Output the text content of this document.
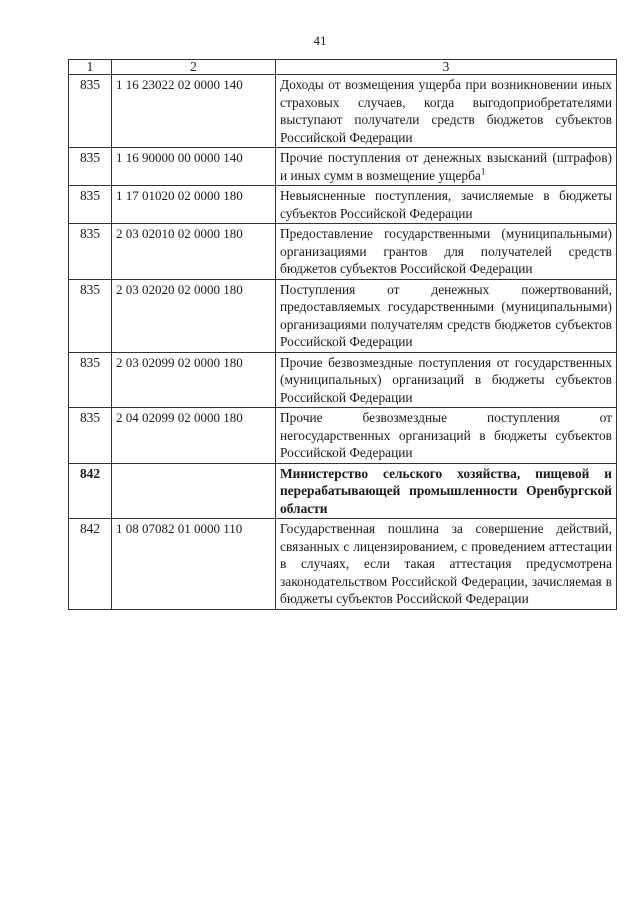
41
1	2	3
835	1 16 23022 02 0000 140	Доходы от возмещения ущерба при возникновении иных страховых случаев, когда выгодоприобретателями выступают получатели средств бюджетов субъектов Российской Федерации
835	1 16 90000 00 0000 140	Прочие поступления от денежных взысканий (штрафов) и иных сумм в возмещение ущерба$^1$
835	1 17 01020 02 0000 180	Невыясненные поступления, зачисляемые в бюджеты субъектов Российской Федерации
835	2 03 02010 02 0000 180	Предоставление государственными (муниципальными) организациями грантов для получателей средств бюджетов субъектов Российской Федерации
835	2 03 02020 02 0000 180	Поступления от денежных пожертвований, предоставляемых государственными (муниципальными) организациями получателям средств бюджетов субъектов Российской Федерации
835	2 03 02099 02 0000 180	Прочие безвозмездные поступления от государственных (муниципальных) организаций в бюджеты субъектов Российской Федерации
835	2 04 02099 02 0000 180	Прочие безвозмездные поступления от негосударственных организаций в бюджеты субъектов Российской Федерации
842		Министерство сельского хозяйства, пищевой и перерабатывающей промышленности Оренбургской области
842	1 08 07082 01 0000 110	Государственная пошлина за совершение действий, связанных с лицензированием, с проведением аттестации в случаях, если такая аттестация предусмотрена законодательством Российской Федерации, зачисляемая в бюджеты субъектов Российской Федерации
